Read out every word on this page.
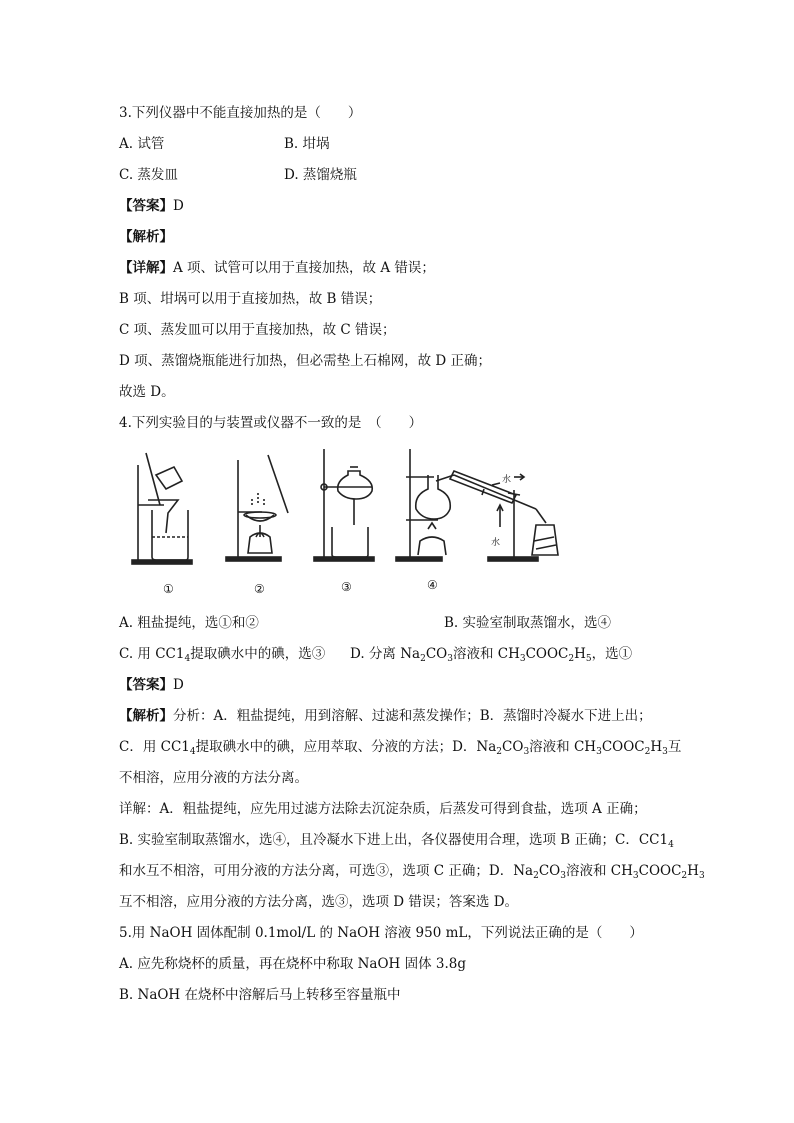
3.下列仪器中不能直接加热的是（　　）
A. 试管	B. 坩埚
C. 蒸发皿	D. 蒸馏烧瓶
【答案】D
【解析】
【详解】A 项、试管可以用于直接加热，故 A 错误；
B 项、坩埚可以用于直接加热，故 B 错误；
C 项、蒸发皿可以用于直接加热，故 C 错误；
D 项、蒸馏烧瓶能进行加热，但必需垫上石棉网，故 D 正确；
故选 D。
4.下列实验目的与装置或仪器不一致的是　（　　）
水
水
①	②	③	④
A. 粗盐提纯，选①和②	B. 实验室制取蒸馏水，选④
C. 用 $CC1_4$提取碘水中的碘，选③ D. 分离 $Na_2CO_3$溶液和 $CH_3COOC_2H_5$，选①
【答案】D
【解析】分析：A．粗盐提纯，用到溶解、过滤和蒸发操作；B．蒸馏时冷凝水下进上出；
C．用 $CC1_4$提取碘水中的碘，应用萃取、分液的方法；D．$Na_2CO_3$溶液和 $CH_3COOC_2H_3$互
不相溶，应用分液的方法分离。
详解：A．粗盐提纯，应先用过滤方法除去沉淀杂质，后蒸发可得到食盐，选项 A 正确；
B. 实验室制取蒸馏水，选④，且冷凝水下进上出，各仪器使用合理，选项 B 正确；C．$CC1_4$
和水互不相溶，可用分液的方法分离，可选③，选项 C 正确；D．$Na_2CO_3$溶液和 $CH_3COOC_2H_3$
互不相溶，应用分液的方法分离，选③，选项 D 错误；答案选 D。
5.用 NaOH 固体配制 0.1mol/L 的 NaOH 溶液 950 mL，下列说法正确的是（　　）
A. 应先称烧杯的质量，再在烧杯中称取 NaOH 固体 3.8g
B. NaOH 在烧杯中溶解后马上转移至容量瓶中
